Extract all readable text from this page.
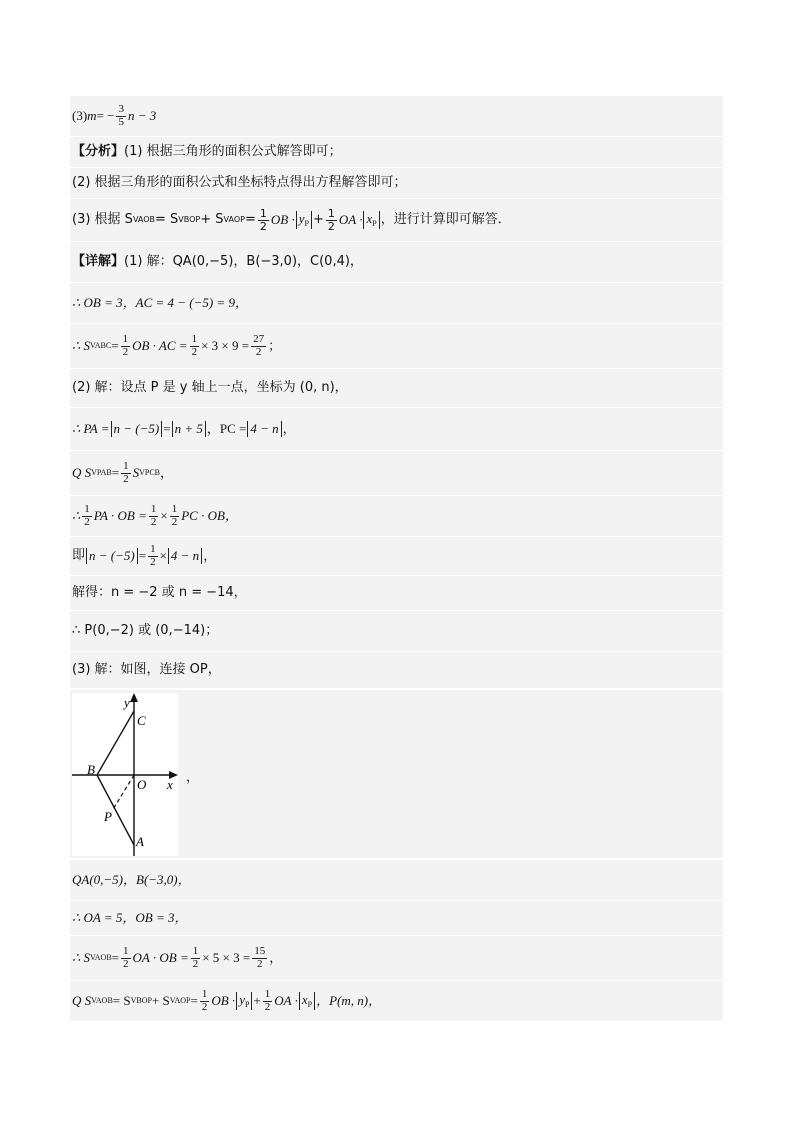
(3) m = − $\frac{3}{5}$ n − 3
【分析】 (1) 根据三角形的面积公式解答即可；
(2) 根据三角形的面积公式和坐标特点得出方程解答即可；
(3) 根据 S VAOB = S VBOP + S VAOP = $\frac{1}{2}$ OB · $y_P + \frac{1}{2}$ OA · $x_P$ ，进行计算即可解答．
【详解】 (1) 解：QA(0,−5)，B(−3,0)，C(0,4)，
∴ OB = 3，AC = 4 − (−5) = 9，
∴ S VABC = $\frac{1}{2}$ OB · AC = $\frac{1}{2} \times 3 \times 9 = \frac{27}{2}$ ；
(2) 解：设点 P 是 y 轴上一点，坐标为 (0, n)，
∴ PA = n − (−5) = n + 5 ，PC = 4 − n ，
Q S VPAB = $\frac{1}{2}$ S VPCB ，
∴ $\frac{1}{2}$ PA · OB = $\frac{1}{2} \times \frac{1}{2}$ PC · OB，
即 $n - (-5) = \frac{1}{2} \times 4 - n$ ，
解得：n = −2 或 n = −14，
∴ P(0,−2) 或 (0,−14)；
(3) 解：如图，连接 OP，
y
C
B
O x
P
A
，
QA(0,−5)，B(−3,0)，
∴ OA = 5，OB = 3，
∴ S VAOB = $\frac{1}{2}$ OA · OB = $\frac{1}{2} \times 5 \times 3 = \frac{15}{2}$ ，
Q S VAOB = S VBOP + S VAOP = $\frac{1}{2}$ OB · $y_P + \frac{1}{2}$ OA · $x_P$ ，P(m, n)，
